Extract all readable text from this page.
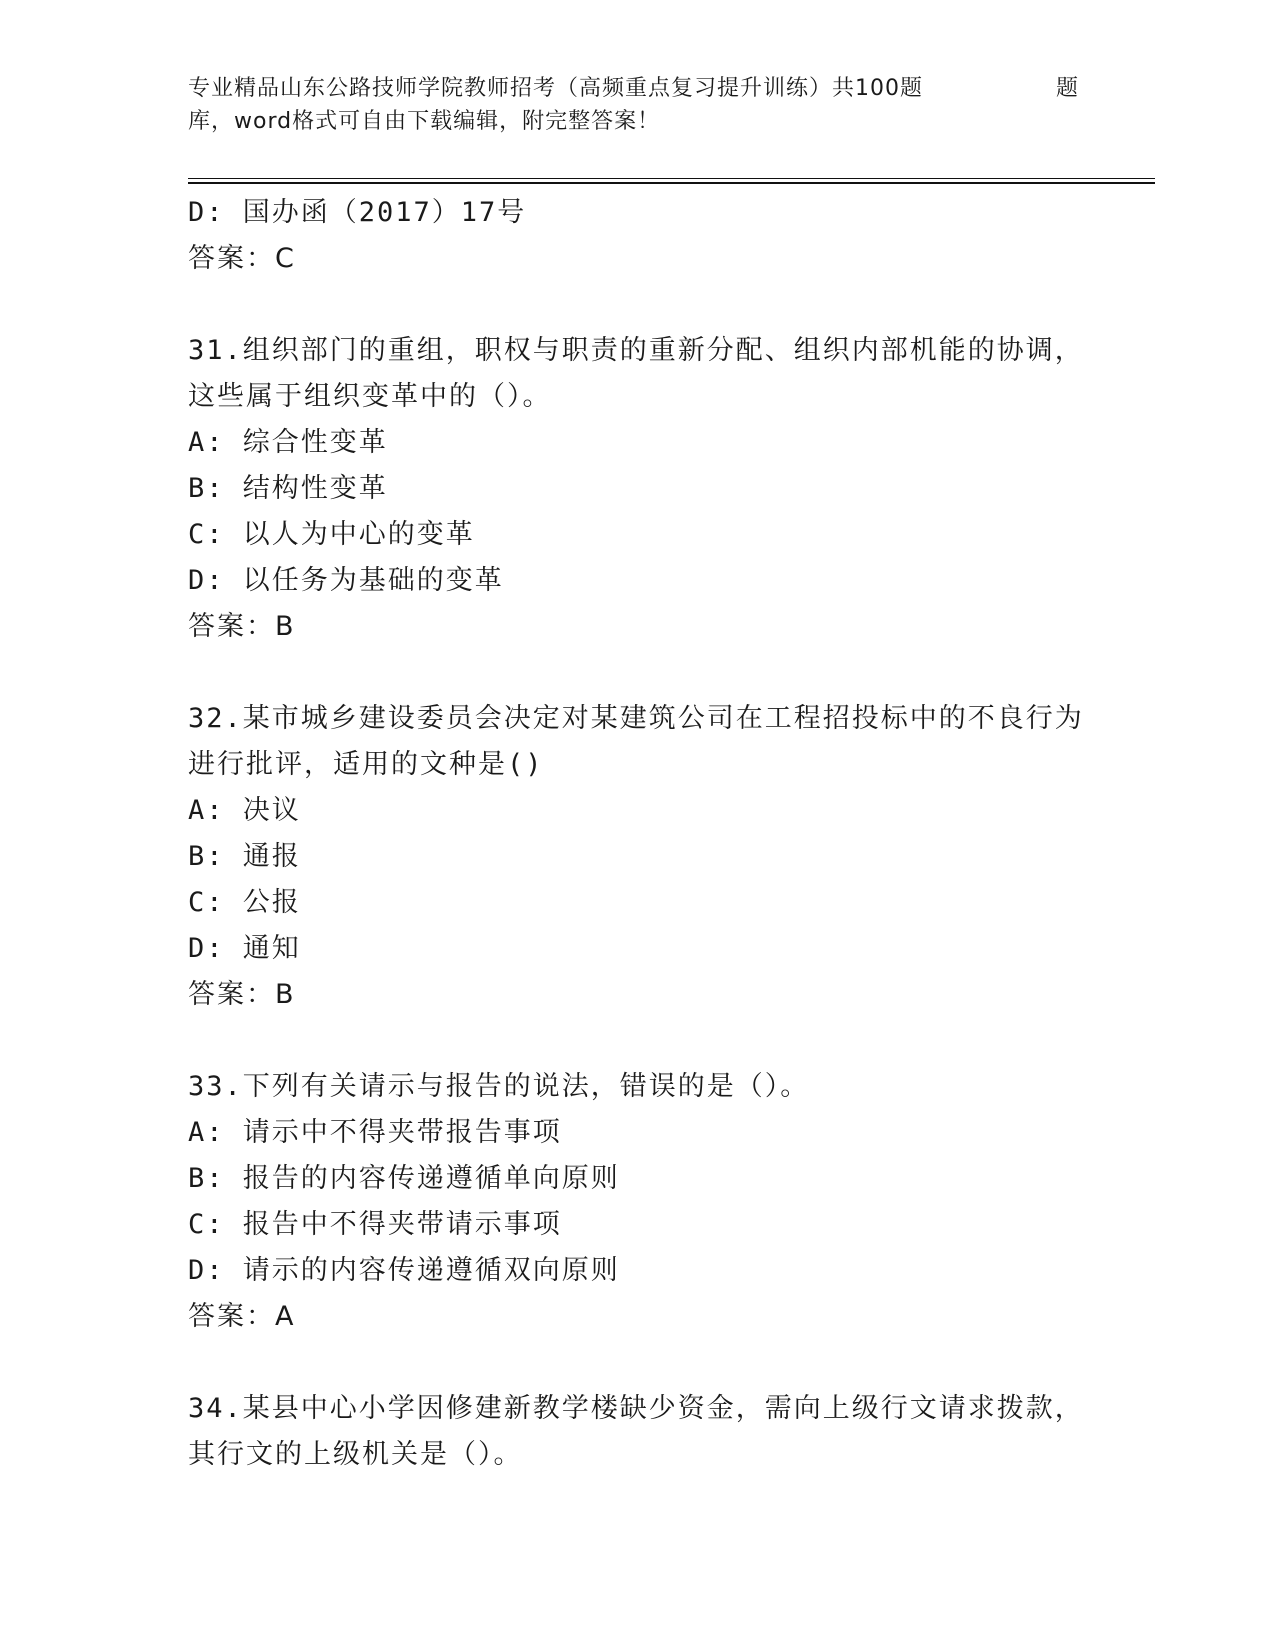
专业精品山东公路技师学院教师招考（高频重点复习提升训练）共100题	题
库，word格式可自由下载编辑，附完整答案！
D: 国办函（2017）17号
答案：C
31.组织部门的重组，职权与职责的重新分配、组织内部机能的协调，
这些属于组织变革中的（）。
A: 综合性变革
B: 结构性变革
C: 以人为中心的变革
D: 以任务为基础的变革
答案：B
32.某市城乡建设委员会决定对某建筑公司在工程招投标中的不良行为
进行批评，适用的文种是()
A: 决议
B: 通报
C: 公报
D: 通知
答案：B
33.下列有关请示与报告的说法，错误的是（）。
A: 请示中不得夹带报告事项
B: 报告的内容传递遵循单向原则
C: 报告中不得夹带请示事项
D: 请示的内容传递遵循双向原则
答案：A
34.某县中心小学因修建新教学楼缺少资金，需向上级行文请求拨款，
其行文的上级机关是（）。
